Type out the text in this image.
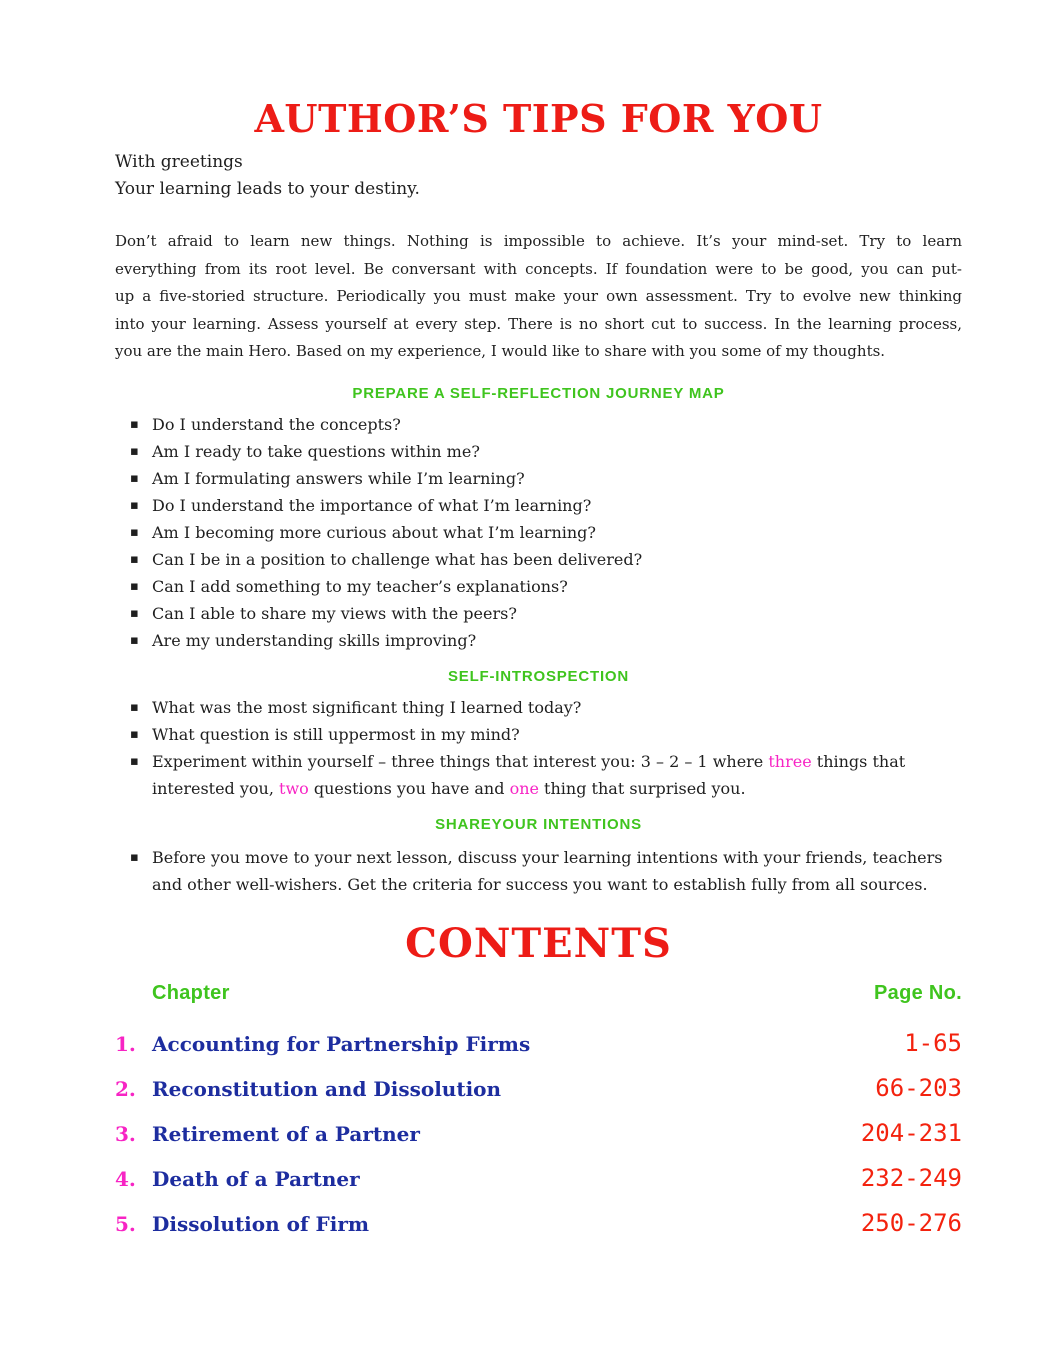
AUTHOR’S TIPS FOR YOU

With greetings

Your learning leads to your destiny.

Don’t afraid to learn new things. Nothing is impossible to achieve. It’s your mind-set. Try to learn
everything from its root level. Be conversant with concepts. If foundation were to be good, you can put-
up a five-storied structure. Periodically you must make your own assessment. Try to evolve new thinking
into your learning. Assess yourself at every step. There is no short cut to success. In the learning process,
you are the main Hero. Based on my experience, I would like to share with you some of my thoughts.
PREPARE A SELF-REFLECTION JOURNEY MAP
▪ Do I understand the concepts?
▪ Am I ready to take questions within me?
▪ Am I formulating answers while I’m learning?
▪ Do I understand the importance of what I’m learning?
▪ Am I becoming more curious about what I’m learning?
▪ Can I be in a position to challenge what has been delivered?
▪ Can I add something to my teacher’s explanations?
▪ Can I able to share my views with the peers?
▪ Are my understanding skills improving?
SELF-INTROSPECTION
▪ What was the most significant thing I learned today?
▪ What question is still uppermost in my mind?
▪ Experiment within yourself – three things that interest you: 3 – 2 – 1 where three things that interested you, two questions you have and one thing that surprised you.
SHAREYOUR INTENTIONS
▪ Before you move to your next lesson, discuss your learning intentions with your friends, teachers and other well-wishers. Get the criteria for success you want to establish fully from all sources.
CONTENTS
Chapter	Page No.
1. Accounting for Partnership Firms	1-65
2. Reconstitution and Dissolution	66-203
3. Retirement of a Partner	204-231
4. Death of a Partner	232-249
5. Dissolution of Firm	250-276
